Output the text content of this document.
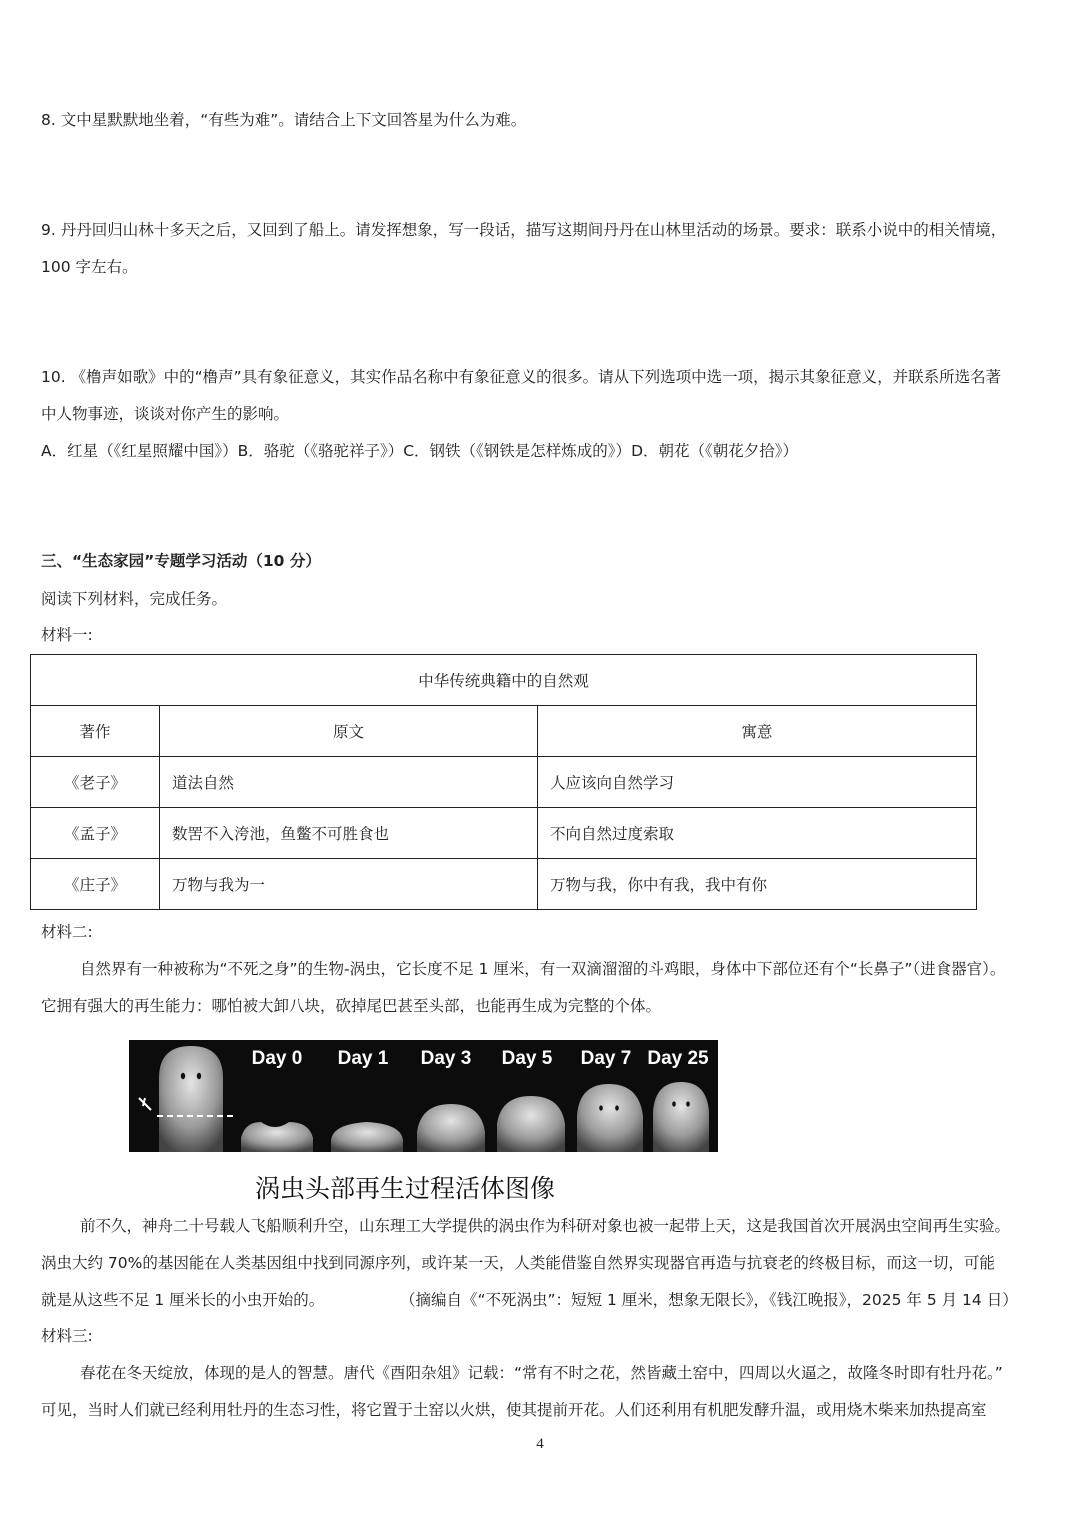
8. 文中星默默地坐着，“有些为难”。请结合上下文回答星为什么为难。
9. 丹丹回归山林十多天之后，又回到了船上。请发挥想象，写一段话，描写这期间丹丹在山林里活动的场景。要求：联系小说中的相关情境，
100 字左右。
10. 《橹声如歌》中的“橹声”具有象征意义，其实作品名称中有象征意义的很多。请从下列选项中选一项，揭示其象征意义，并联系所选名著
中人物事迹，谈谈对你产生的影响。
A．红星（《红星照耀中国》）B．骆驼（《骆驼祥子》）C．钢铁（《钢铁是怎样炼成的》）D．朝花（《朝花夕拾》）
三、“生态家园”专题学习活动（10 分）
阅读下列材料，完成任务。
材料一:
中华传统典籍中的自然观		
著作	原文	寓意
《老子》	道法自然	人应该向自然学习
《孟子》	数罟不入洿池，鱼鳖不可胜食也	不向自然过度索取
《庄子》	万物与我为一	万物与我，你中有我，我中有你
材料二:
自然界有一种被称为“不死之身”的生物-涡虫，它长度不足 1 厘米，有一双滴溜溜的斗鸡眼，身体中下部位还有个“长鼻子”（进食器官）。
它拥有强大的再生能力：哪怕被大卸八块，砍掉尾巴甚至头部，也能再生成为完整的个体。
Day 0 Day 1 Day 3 Day 5 Day 7 Day 25
涡虫头部再生过程活体图像
前不久，神舟二十号载人飞船顺利升空，山东理工大学提供的涡虫作为科研对象也被一起带上天，这是我国首次开展涡虫空间再生实验。
涡虫大约 70%的基因能在人类基因组中找到同源序列，或许某一天，人类能借鉴自然界实现器官再造与抗衰老的终极目标，而这一切，可能
就是从这些不足 1 厘米长的小虫开始的。	（摘编自《“不死涡虫”：短短 1 厘米，想象无限长》，《钱江晚报》，2025 年 5 月 14 日）
材料三:
春花在冬天绽放，体现的是人的智慧。唐代《酉阳杂俎》记载：“常有不时之花，然皆藏土窑中，四周以火逼之，故隆冬时即有牡丹花。”
可见，当时人们就已经利用牡丹的生态习性，将它置于土窑以火烘，使其提前开花。人们还利用有机肥发酵升温，或用烧木柴来加热提高室
4
